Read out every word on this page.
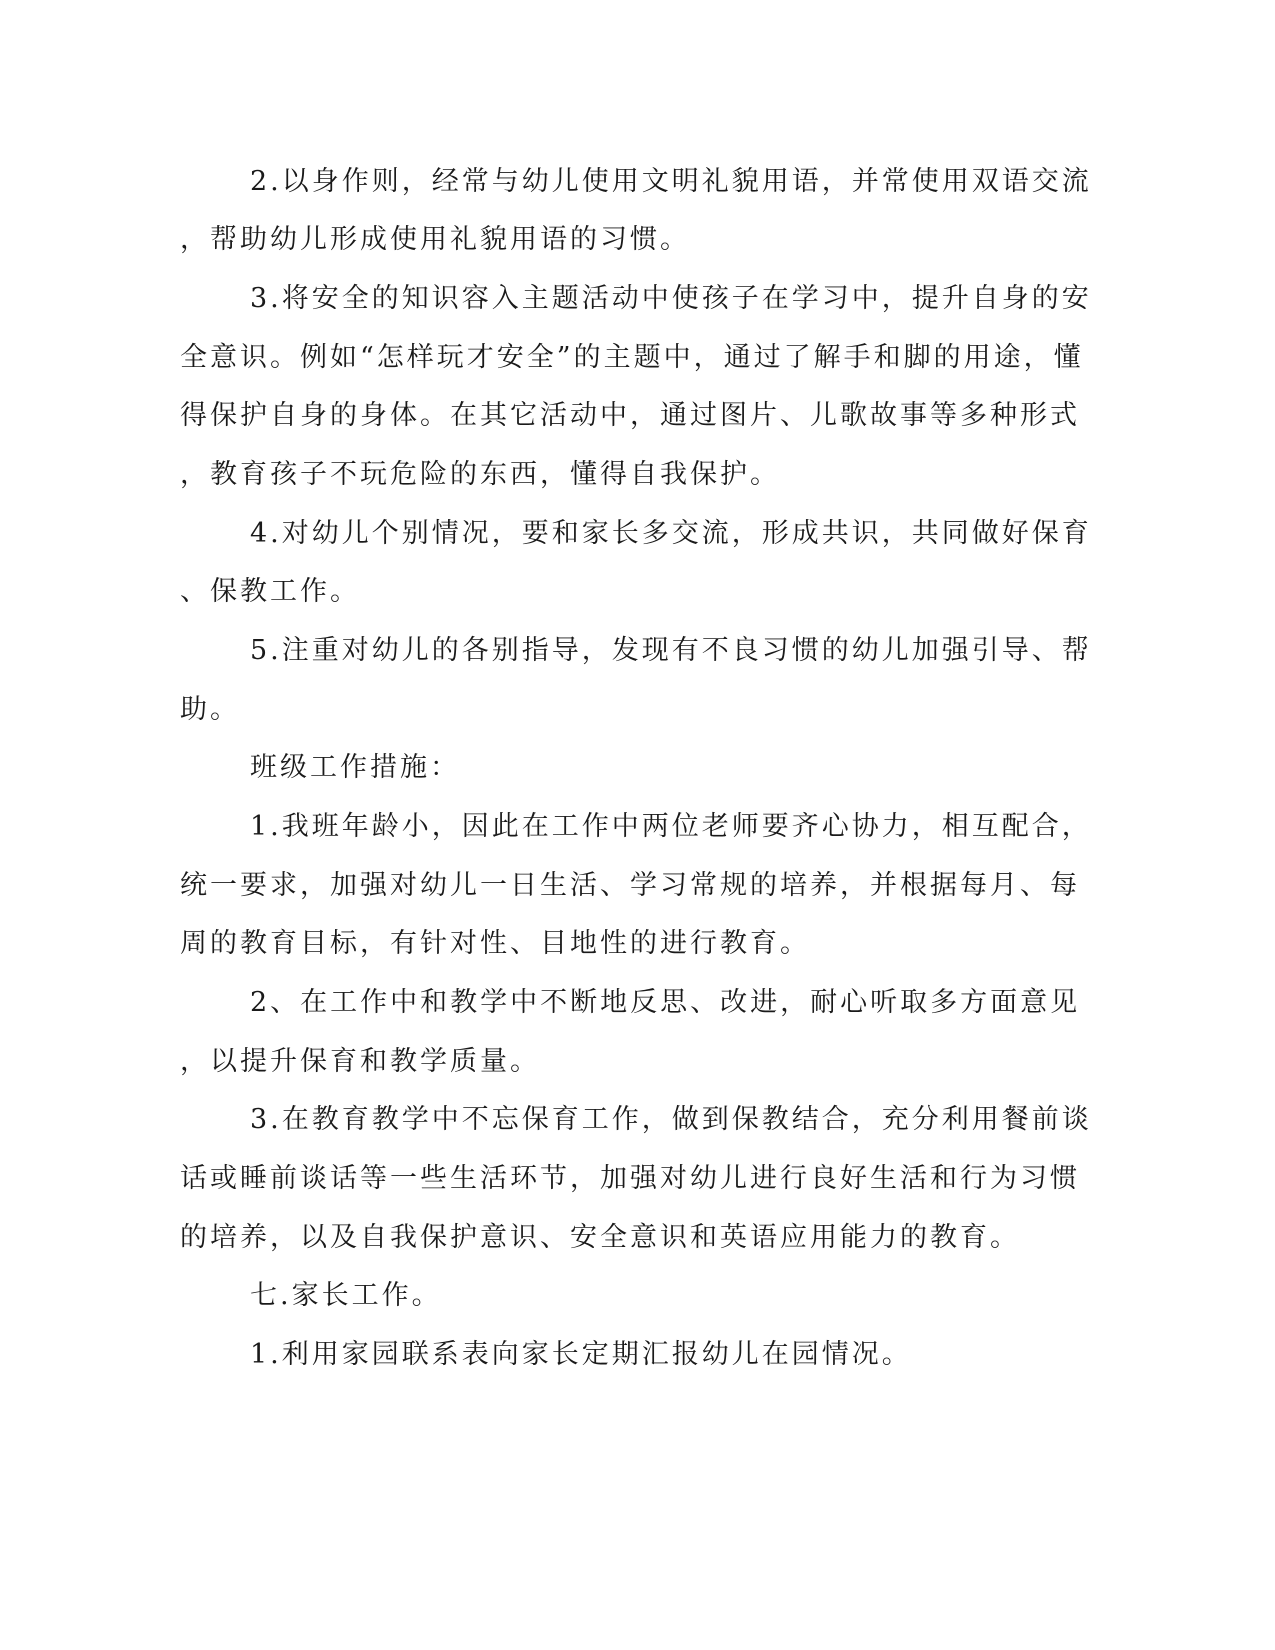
2.以身作则，经常与幼儿使用文明礼貌用语，并常使用双语交流
，帮助幼儿形成使用礼貌用语的习惯。
3.将安全的知识容入主题活动中使孩子在学习中，提升自身的安
全意识。例如“怎样玩才安全”的主题中，通过了解手和脚的用途，懂
得保护自身的身体。在其它活动中，通过图片、儿歌故事等多种形式
，教育孩子不玩危险的东西，懂得自我保护。
4.对幼儿个别情况，要和家长多交流，形成共识，共同做好保育
、保教工作。
5.注重对幼儿的各别指导，发现有不良习惯的幼儿加强引导、帮
助。
班级工作措施：
1.我班年龄小，因此在工作中两位老师要齐心协力，相互配合，
统一要求，加强对幼儿一日生活、学习常规的培养，并根据每月、每
周的教育目标，有针对性、目地性的进行教育。
2、在工作中和教学中不断地反思、改进，耐心听取多方面意见
，以提升保育和教学质量。
3.在教育教学中不忘保育工作，做到保教结合，充分利用餐前谈
话或睡前谈话等一些生活环节，加强对幼儿进行良好生活和行为习惯
的培养，以及自我保护意识、安全意识和英语应用能力的教育。
七.家长工作。
1.利用家园联系表向家长定期汇报幼儿在园情况。
